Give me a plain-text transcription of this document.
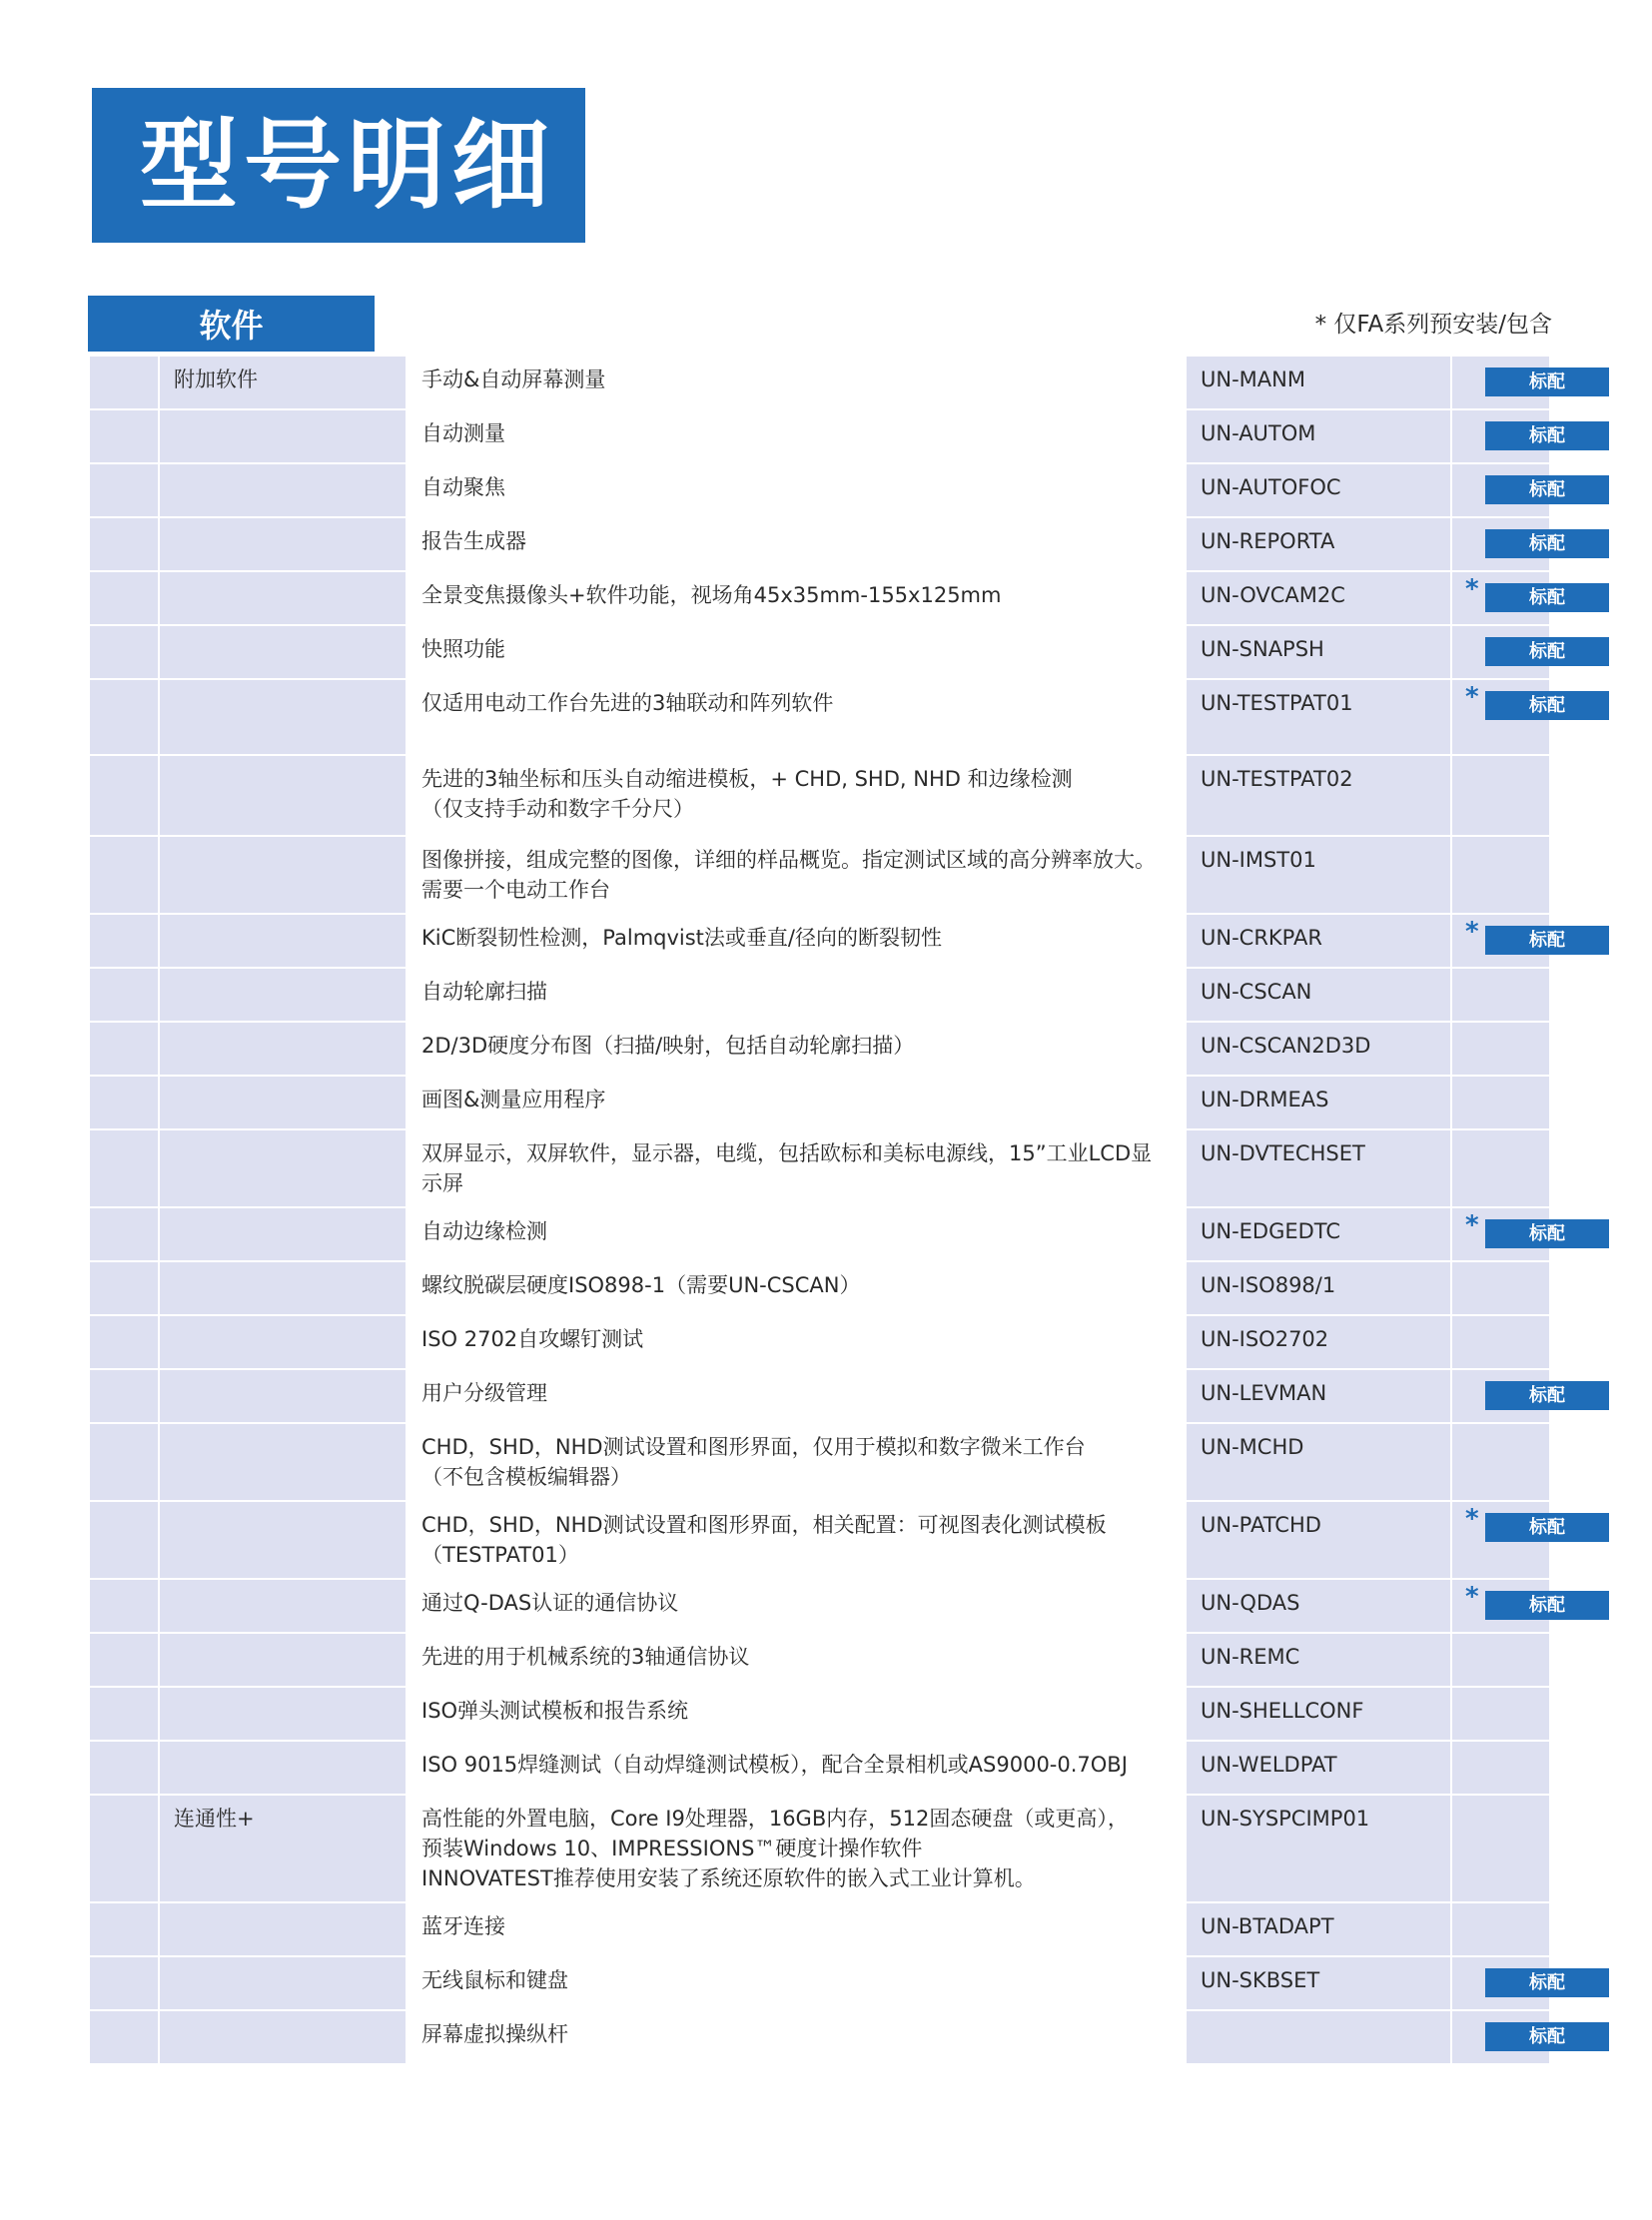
型号明细
软件	* 仅FA系列预安装/包含
	附加软件	手动&自动屏幕测量	UN-MANM	标配

		自动测量	UN-AUTOM	标配

		自动聚焦	UN-AUTOFOC	标配

		报告生成器	UN-REPORTA	标配

		全景变焦摄像头+软件功能，视场角45x35mm-155x125mm	UN-OVCAM2C	* 标配

		快照功能	UN-SNAPSH	标配

		仅适用电动工作台先进的3轴联动和阵列软件	UN-TESTPAT01	* 标配

		先进的3轴坐标和压头自动缩进模板，+ CHD, SHD, NHD 和边缘检测
（仅支持手动和数字千分尺）	UN-TESTPAT02	

		图像拼接，组成完整的图像，详细的样品概览。指定测试区域的高分辨率放大。需要一个电动工作台	UN-IMST01	

		KiC断裂韧性检测，Palmqvist法或垂直/径向的断裂韧性	UN-CRKPAR	* 标配

		自动轮廓扫描	UN-CSCAN	

		2D/3D硬度分布图（扫描/映射，包括自动轮廓扫描）	UN-CSCAN2D3D	

		画图&测量应用程序	UN-DRMEAS	

		双屏显示，双屏软件，显示器，电缆，包括欧标和美标电源线，15”工业LCD显示屏	UN-DVTECHSET	

		自动边缘检测	UN-EDGEDTC	* 标配

		螺纹脱碳层硬度ISO898-1（需要UN-CSCAN）	UN-ISO898/1	

		ISO 2702自攻螺钉测试	UN-ISO2702	

		用户分级管理	UN-LEVMAN	标配

		CHD，SHD，NHD测试设置和图形界面，仅用于模拟和数字微米工作台
（不包含模板编辑器）	UN-MCHD	

		CHD，SHD，NHD测试设置和图形界面，相关配置：可视图表化测试模板
（TESTPAT01）	UN-PATCHD	* 标配

		通过Q-DAS认证的通信协议	UN-QDAS	* 标配

		先进的用于机械系统的3轴通信协议	UN-REMC	

		ISO弹头测试模板和报告系统	UN-SHELLCONF	

		ISO 9015焊缝测试（自动焊缝测试模板），配合全景相机或AS9000-0.7OBJ	UN-WELDPAT	

	连通性+	高性能的外置电脑，Core I9处理器，16GB内存，512固态硬盘（或更高），
预装Windows 10、IMPRESSIONS™硬度计操作软件
INNOVATEST推荐使用安装了系统还原软件的嵌入式工业计算机。	UN-SYSPCIMP01	

		蓝牙连接	UN-BTADAPT	

		无线鼠标和键盘	UN-SKBSET	标配

		屏幕虚拟操纵杆		标配
